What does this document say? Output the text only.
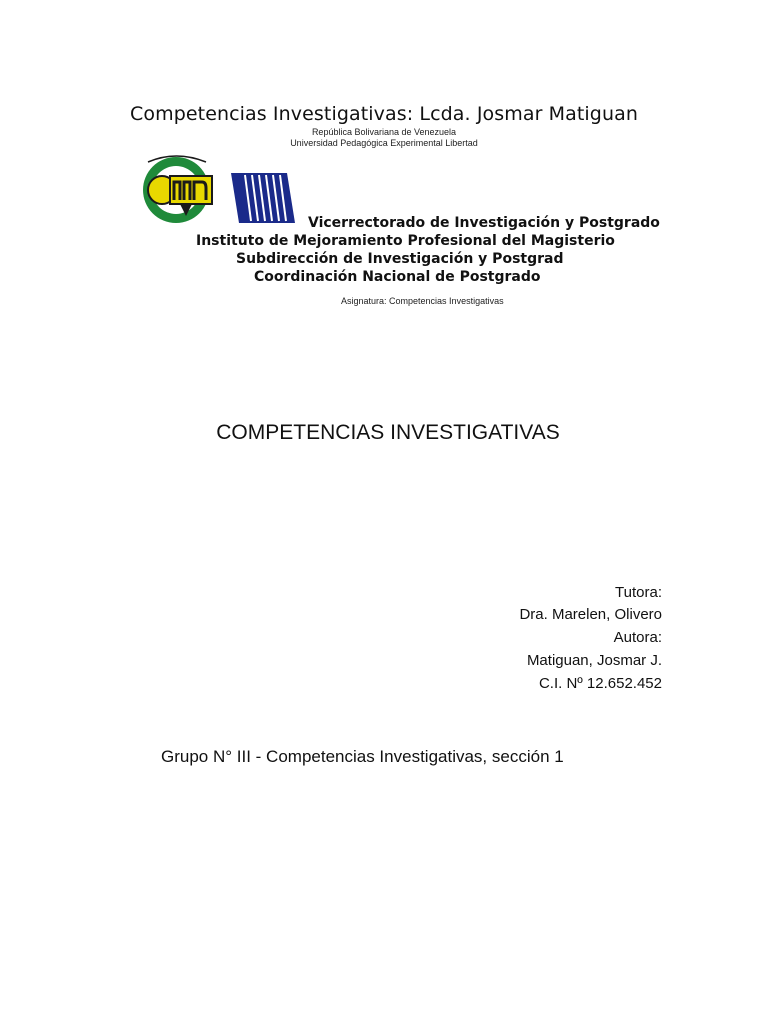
Competencias Investigativas: Lcda. Josmar Matiguan
República Bolivariana de Venezuela
Universidad Pedagógica Experimental Libertad
Vicerrectorado de Investigación y Postgrado
Instituto de Mejoramiento Profesional del Magisterio
Subdirección de Investigación y Postgrad
Coordinación Nacional de Postgrado
Asignatura: Competencias Investigativas
COMPETENCIAS INVESTIGATIVAS
Tutora:
Dra. Marelen, Olivero
Autora:
Matiguan, Josmar J.
C.I. Nº 12.652.452
Grupo N° III - Competencias Investigativas, sección 1
